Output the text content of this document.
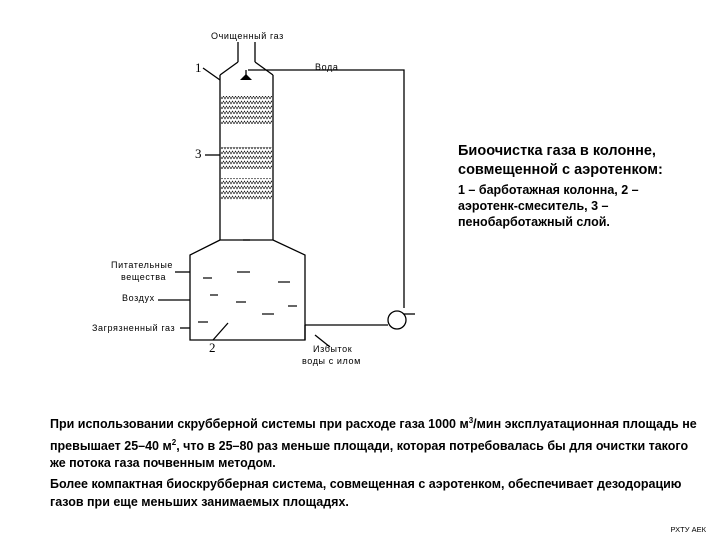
Очищенный газ
Вода
Питательные
вещества
Воздух
Загрязненный газ
Избыток
воды с илом
1
2
3	Биоочистка газа в колонне,
совмещенной с аэротенком:
1 – барботажная колонна, 2 –
аэротенк-смеситель, 3 –
пенобарботажный слой.
При использовании скрубберной системы при расходе газа 1000 $м^3$/мин эксплуатационная площадь не превышает 25–40 $м^2$, что в 25–80 раз меньше площади, которая потребовалась бы для очистки такого же потока газа почвенным методом.
Более компактная биоскрубберная система, совмещенная с аэротенком, обеспечивает дезодорацию газов при еще меньших занимаемых площадях.
РХТУ АЕК
